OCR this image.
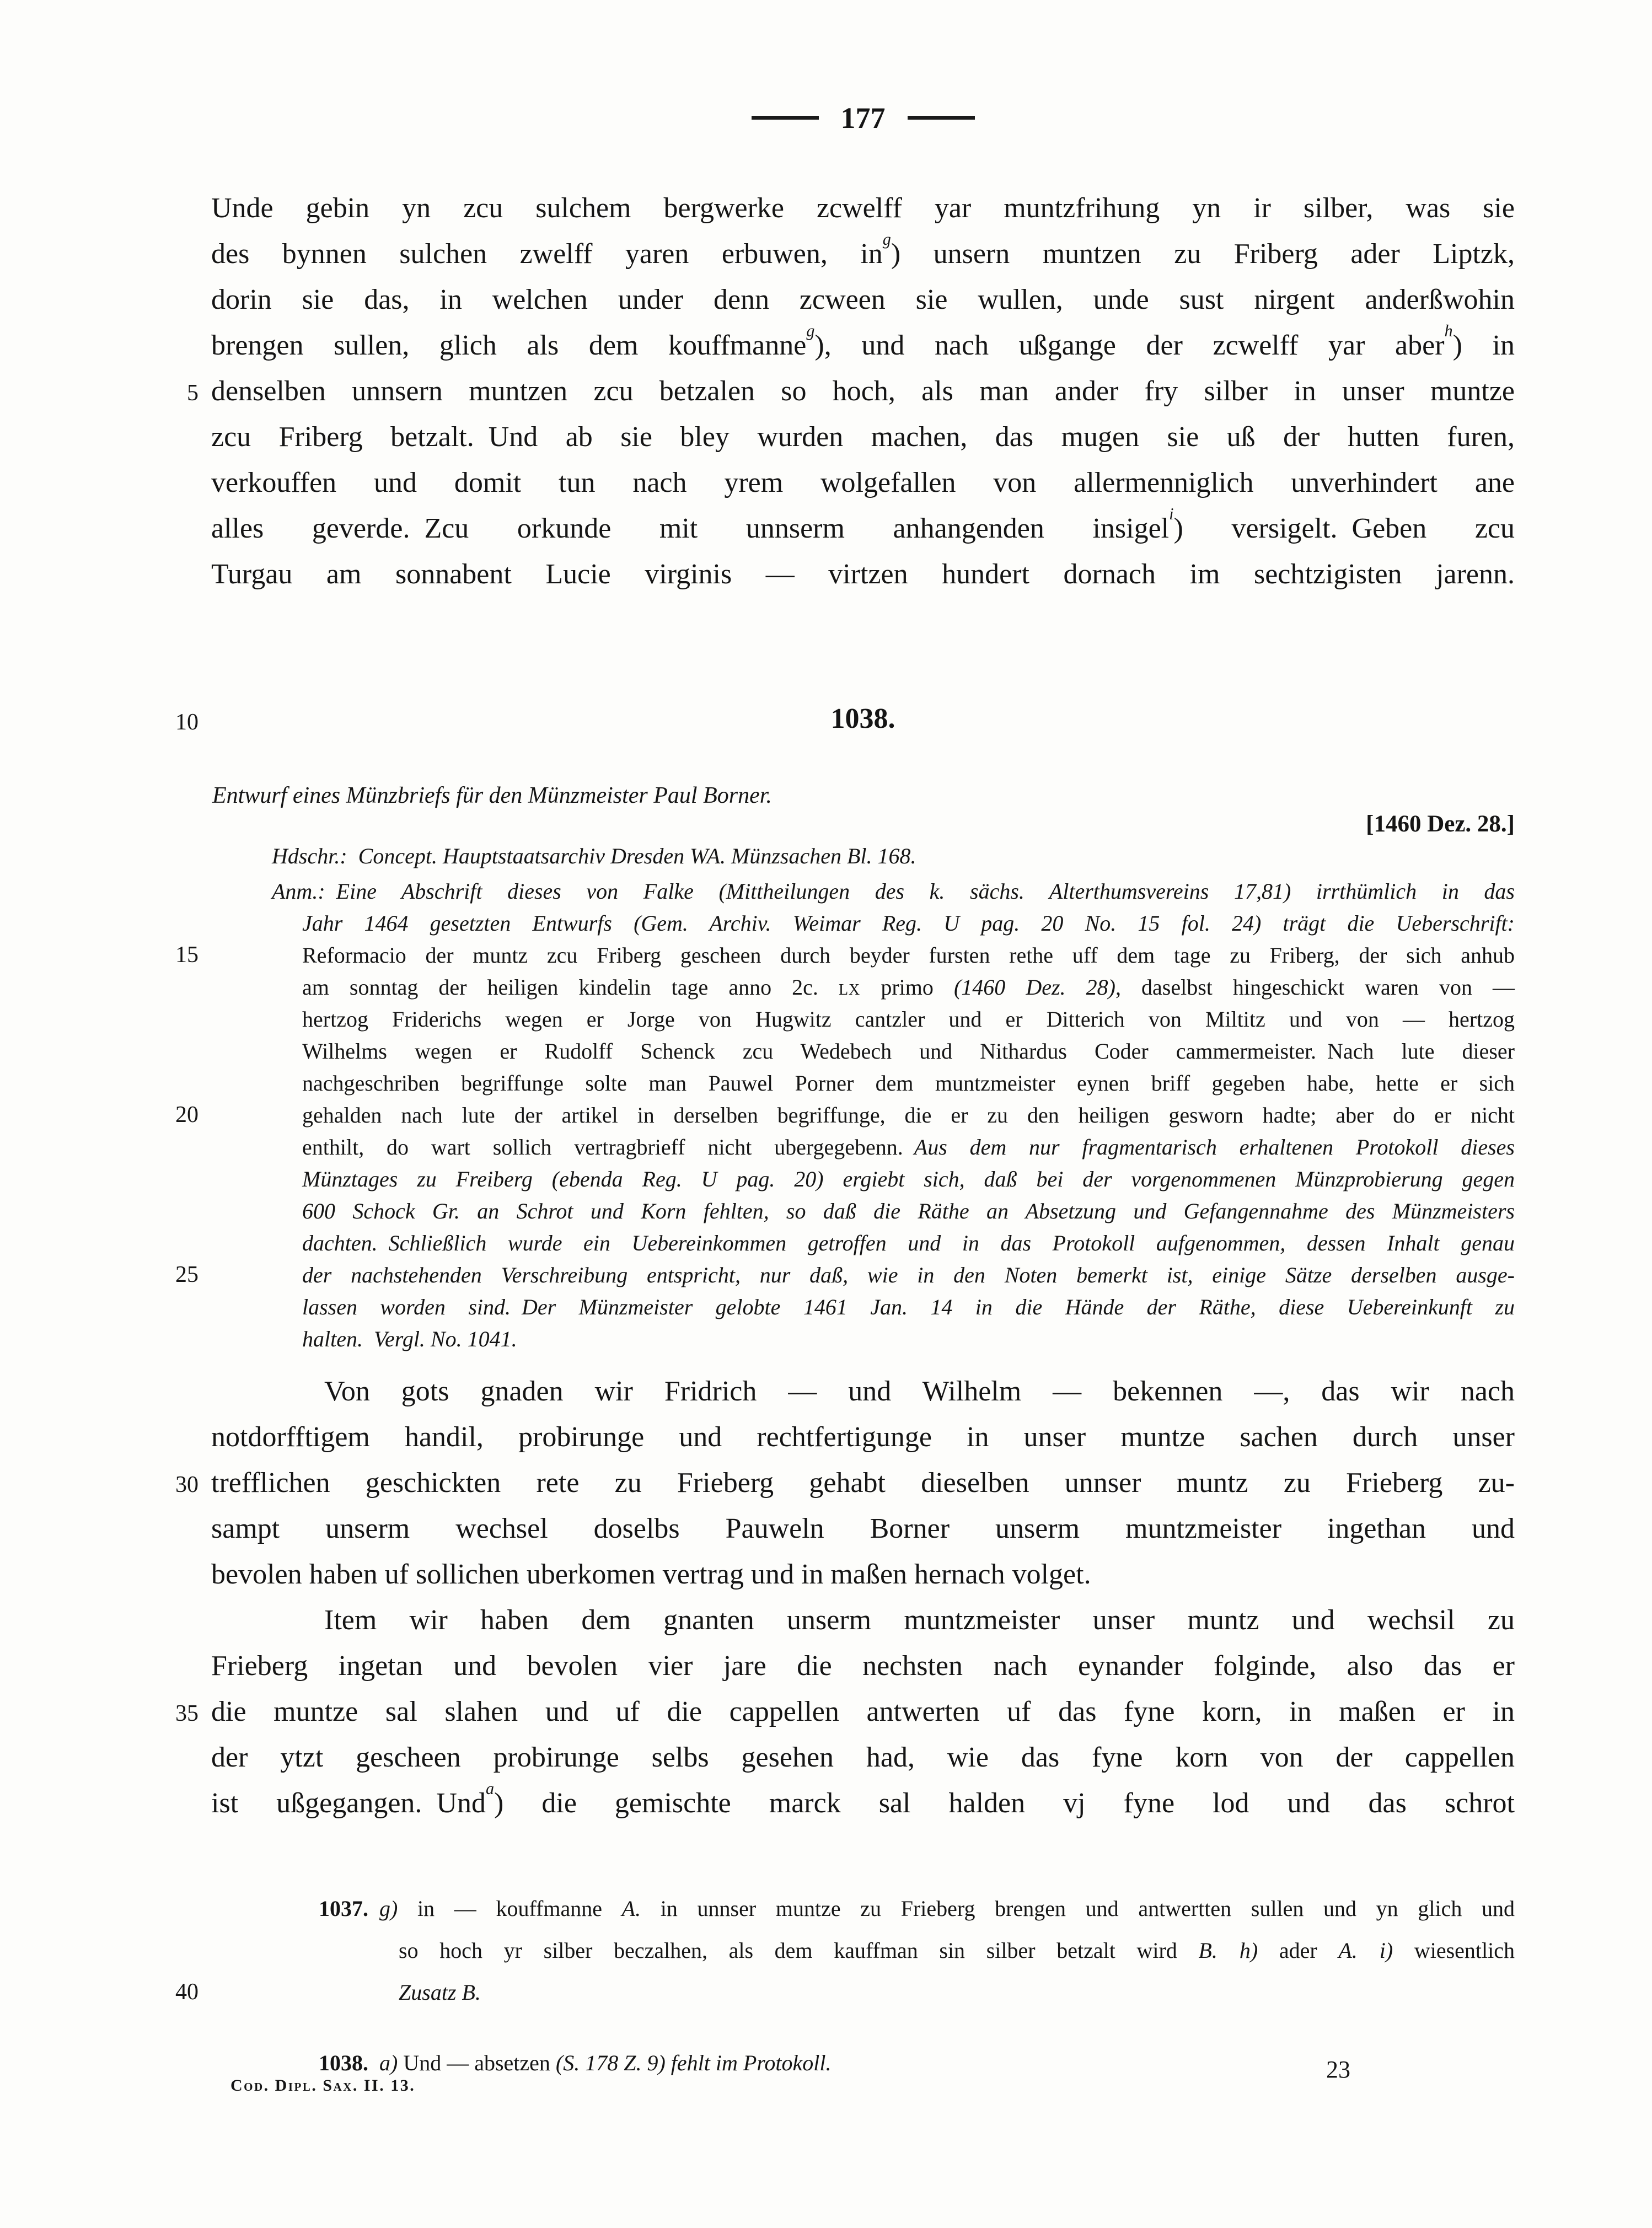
177
5
10
15
20
25
30
35
40
Unde gebin yn zcu sulchem bergwerke zcwelff yar muntzfrihung yn ir silber, was sie
des bynnen sulchen zwelff yaren erbuwen, $in^g$) unsern muntzen zu Friberg ader Liptzk,
dorin sie das, in welchen under denn zcween sie wullen, unde sust nirgent anderßwohin
brengen sullen, glich als dem kouffmanne$^g$), und nach ußgange der zcwelff yar aber$^h$) in
denselben unnsern muntzen zcu betzalen so hoch, als man ander fry silber in unser muntze
zcu Friberg betzalt. Und ab sie bley wurden machen, das mugen sie uß der hutten furen,
verkouffen und domit tun nach yrem wolgefallen von allermenniglich unverhindert ane
alles geverde. Zcu orkunde mit unnserm anhangenden insigel$^i$) versigelt. Geben zcu
Turgau am sonnabent Lucie virginis — virtzen hundert dornach im sechtzigisten jarenn.
1038.
Entwurf eines Münzbriefs für den Münzmeister Paul Borner.
[1460 Dez. 28.]
Hdschr.: Concept. Hauptstaatsarchiv Dresden WA. Münzsachen Bl. 168.
Anm.: Eine Abschrift dieses von Falke (Mittheilungen des k. sächs. Alterthumsvereins 17,81) irrthümlich in das
Jahr 1464 gesetzten Entwurfs (Gem. Archiv. Weimar Reg. U pag. 20 No. 15 fol. 24) trägt die Ueberschrift:
Reformacio der muntz zcu Friberg gescheen durch beyder fursten rethe uff dem tage zu Friberg, der sich anhub
am sonntag der heiligen kindelin tage anno 2c. lx primo (1460 Dez. 28), daselbst hingeschickt waren von —
hertzog Friderichs wegen er Jorge von Hugwitz cantzler und er Ditterich von Miltitz und von — hertzog
Wilhelms wegen er Rudolff Schenck zcu Wedebech und Nithardus Coder cammermeister. Nach lute dieser
nachgeschriben begriffunge solte man Pauwel Porner dem muntzmeister eynen briff gegeben habe, hette er sich
gehalden nach lute der artikel in derselben begriffunge, die er zu den heiligen gesworn hadte; aber do er nicht
enthilt, do wart sollich vertragbrieff nicht ubergegebenn. Aus dem nur fragmentarisch erhaltenen Protokoll dieses
Münztages zu Freiberg (ebenda Reg. U pag. 20) ergiebt sich, daß bei der vorgenommenen Münzprobierung gegen
600 Schock Gr. an Schrot und Korn fehlten, so daß die Räthe an Absetzung und Gefangennahme des Münzmeisters
dachten. Schließlich wurde ein Uebereinkommen getroffen und in das Protokoll aufgenommen, dessen Inhalt genau
der nachstehenden Verschreibung entspricht, nur daß, wie in den Noten bemerkt ist, einige Sätze derselben ausge-
lassen worden sind. Der Münzmeister gelobte 1461 Jan. 14 in die Hände der Räthe, diese Uebereinkunft zu
halten. Vergl. No. 1041.
Von gots gnaden wir Fridrich — und Wilhelm — bekennen —, das wir nach
notdorfftigem handil, probirunge und rechtfertigunge in unser muntze sachen durch unser
trefflichen geschickten rete zu Frieberg gehabt dieselben unnser muntz zu Frieberg zu-
sampt unserm wechsel doselbs Pauweln Borner unserm muntzmeister ingethan und
bevolen haben uf sollichen uberkomen vertrag und in maßen hernach volget.
Item wir haben dem gnanten unserm muntzmeister unser muntz und wechsil zu
Frieberg ingetan und bevolen vier jare die nechsten nach eynander folginde, also das er
die muntze sal slahen und uf die cappellen antwerten uf das fyne korn, in maßen er in
der ytzt gescheen probirunge selbs gesehen had, wie das fyne korn von der cappellen
ist ußgegangen. Und$^a$) die gemischte marck sal halden vj fyne lod und das schrot
1037.  g) in — kouffmanne A. in unnser muntze zu Frieberg brengen und antwertten sullen und yn glich und
so hoch yr silber beczalhen, als dem kauffman sin silber betzalt wird B.  h) ader A.  i) wiesentlich
Zusatz B.
1038.  a) Und — absetzen (S. 178 Z. 9) fehlt im Protokoll.
Cod. Dipl. Sax. II. 13.
23
